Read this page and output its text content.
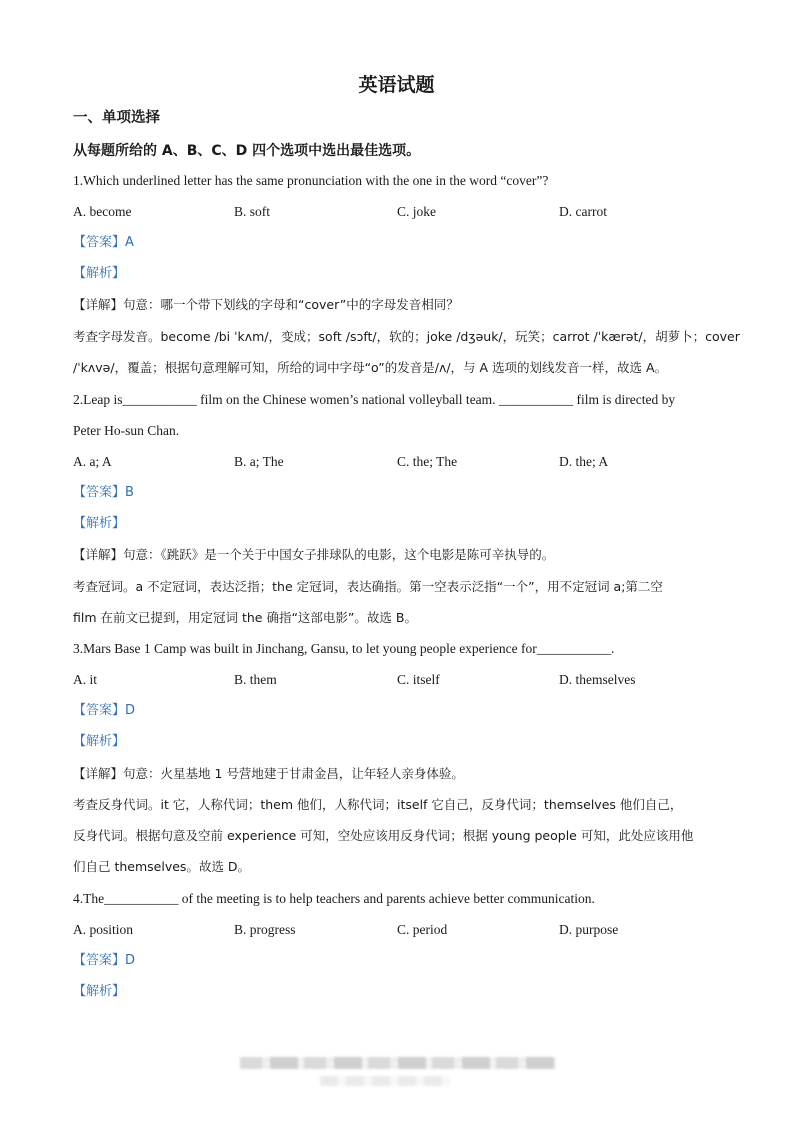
英语试题
一、单项选择
从每题所给的 A、B、C、D 四个选项中选出最佳选项。
1.Which underlined letter has the same pronunciation with the one in the word “cover”?
A. become	B. soft	C. joke	D. carrot
【答案】A
【解析】
【详解】句意：哪一个带下划线的字母和“cover”中的字母发音相同？
考查字母发音。become /bi ˈkʌm/，变成；soft /sɔft/，软的；joke /dʒəuk/，玩笑；carrot /ˈkærət/，胡萝卜；cover
/ˈkʌvə/，覆盖；根据句意理解可知，所给的词中字母“o”的发音是/ʌ/，与 A 选项的划线发音一样，故选 A。
2.Leap is___________ film on the Chinese women’s national volleyball team. ___________ film is directed by
Peter Ho-sun Chan.
A. a; A	B. a; The	C. the; The	D. the; A
【答案】B
【解析】
【详解】句意：《跳跃》是一个关于中国女子排球队的电影，这个电影是陈可辛执导的。
考查冠词。a 不定冠词，表达泛指；the 定冠词，表达确指。第一空表示泛指“一个”，用不定冠词 a;第二空
film 在前文已提到，用定冠词 the 确指“这部电影”。故选 B。
3.Mars Base 1 Camp was built in Jinchang, Gansu, to let young people experience for___________.
A. it	B. them	C. itself	D. themselves
【答案】D
【解析】
【详解】句意：火星基地 1 号营地建于甘肃金昌，让年轻人亲身体验。
考查反身代词。it 它，人称代词；them 他们，人称代词；itself 它自己，反身代词；themselves 他们自己，
反身代词。根据句意及空前 experience 可知，空处应该用反身代词；根据 young people 可知，此处应该用他
们自己 themselves。故选 D。
4.The___________ of the meeting is to help teachers and parents achieve better communication.
A. position	B. progress	C. period	D. purpose
【答案】D
【解析】
